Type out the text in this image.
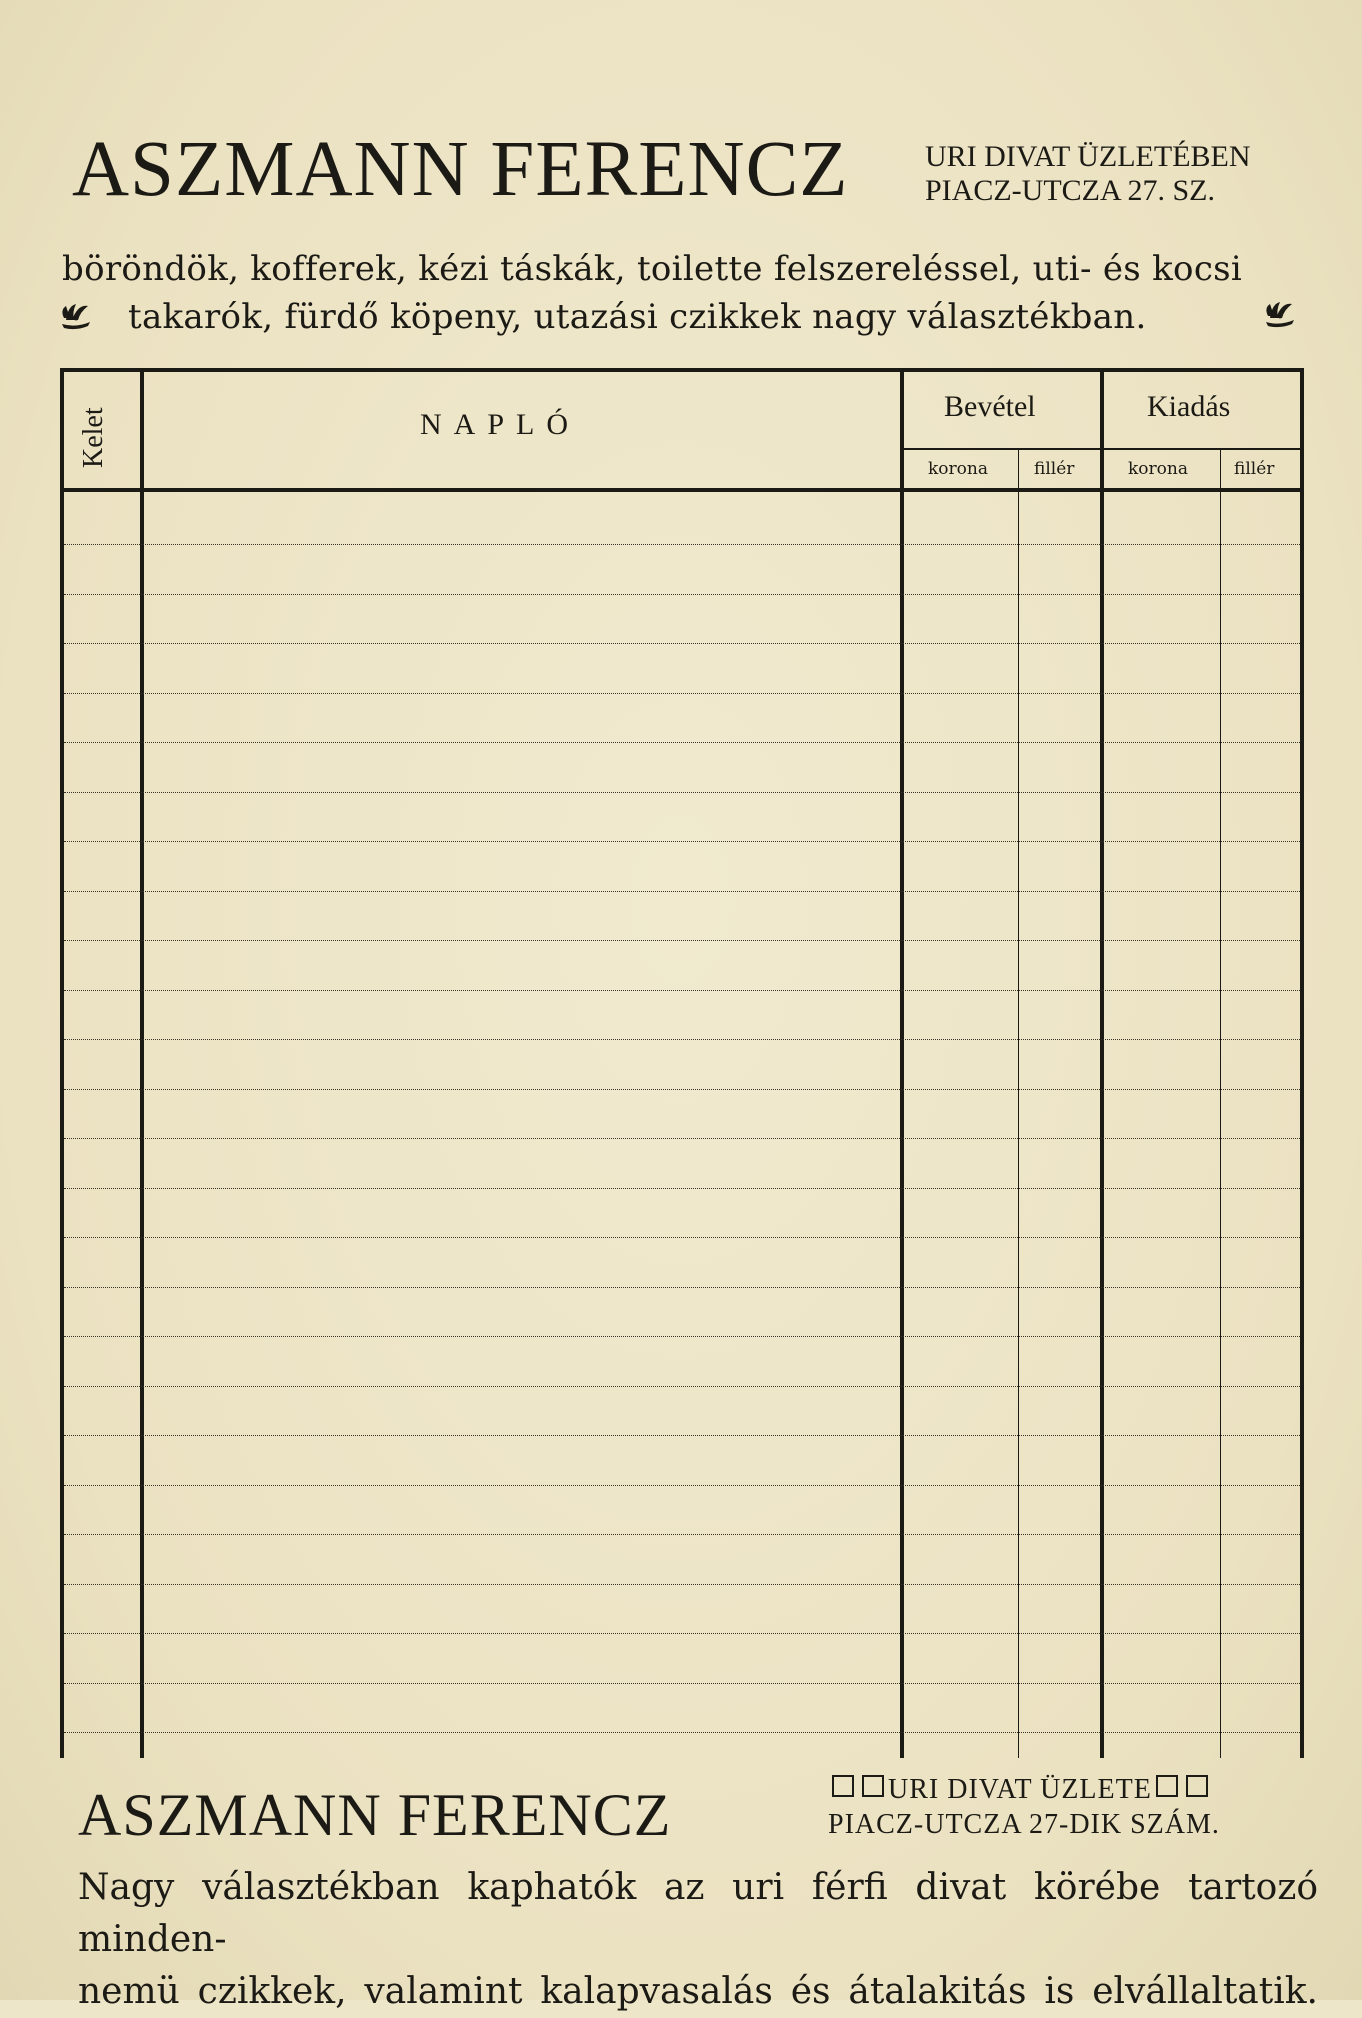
ASZMANN FERENCZ	URI DIVAT ÜZLETÉBEN
PIACZ-UTCZA 27. SZ.
böröndök, kofferek, kézi táskák, toilette felszereléssel, uti- és kocsi
takarók, fürdő köpeny, utazási czikkek nagy választékban.
Kelet	NAPLÓ
Bevétel	Kiadás
korona	fillér	korona	fillér
ASZMANN FERENCZ	URI DIVAT ÜZLETE
PIACZ-UTCZA 27-DIK SZÁM.
Nagy választékban kaphatók az uri férfi divat körébe tartozó minden-
nemü czikkek, valamint kalapvasalás és átalakitás is elvállaltatik.
